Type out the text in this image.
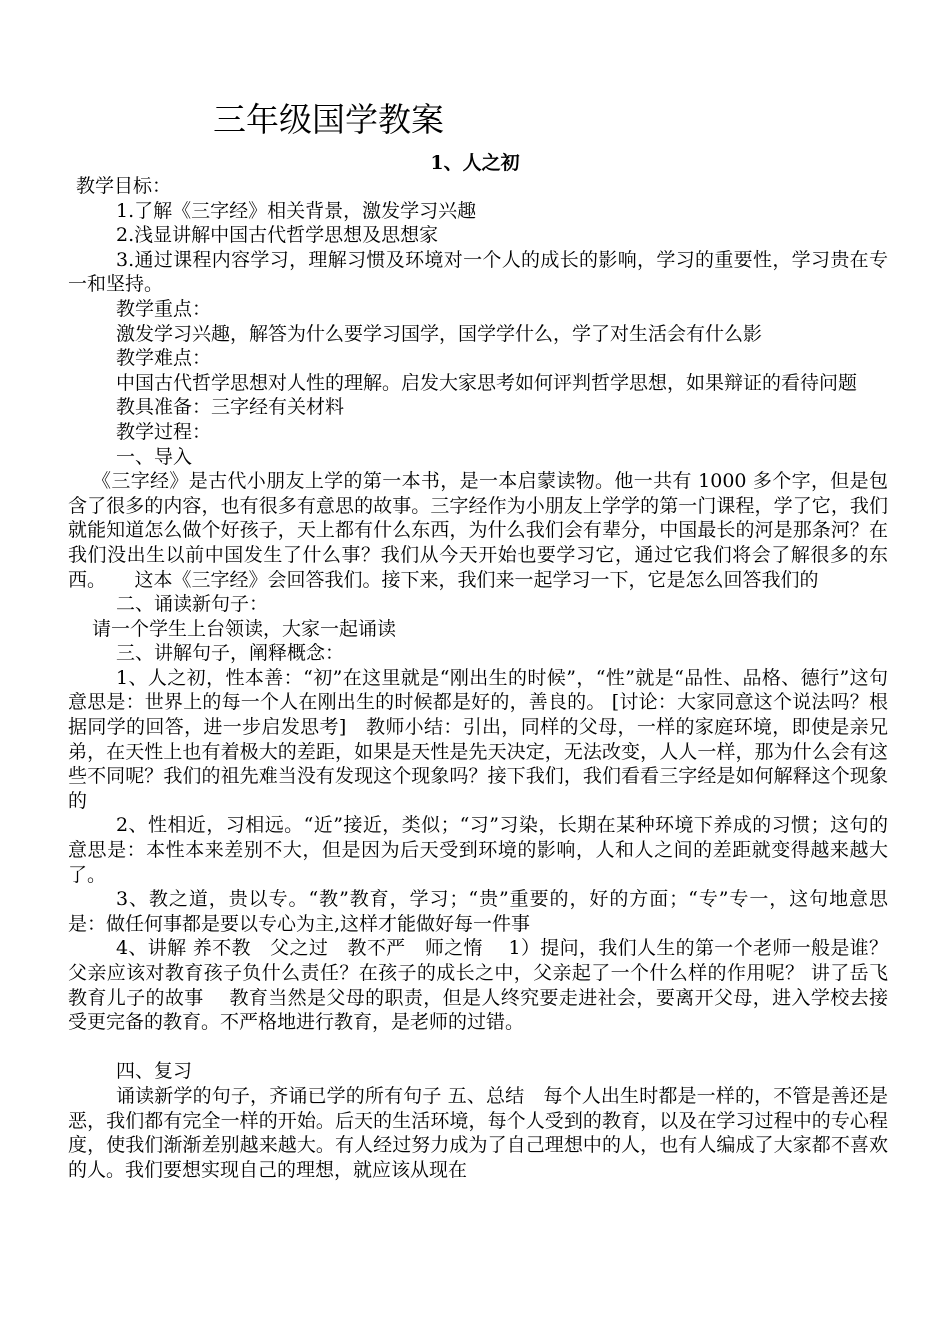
三年级国学教案
1、人之初

教学目标：

1.了解《三字经》相关背景，激发学习兴趣

2.浅显讲解中国古代哲学思想及思想家

3.通过课程内容学习，理解习惯及环境对一个人的成长的影响，学习的重要性，学习贵在专一和坚持。

教学重点：

激发学习兴趣，解答为什么要学习国学，国学学什么，学了对生活会有什么影

教学难点：

中国古代哲学思想对人性的理解。启发大家思考如何评判哲学思想，如果辩证的看待问题

教具准备：三字经有关材料

教学过程：

一、导入

《三字经》是古代小朋友上学的第一本书，是一本启蒙读物。他一共有 1000 多个字，但是包含了很多的内容，也有很多有意思的故事。三字经作为小朋友上学学的第一门课程，学了它，我们就能知道怎么做个好孩子，天上都有什么东西，为什么我们会有辈分，中国最长的河是那条河？在我们没出生以前中国发生了什么事？我们从今天开始也要学习它，通过它我们将会了解很多的东西。　　这本《三字经》会回答我们。接下来，我们来一起学习一下，它是怎么回答我们的

二、诵读新句子：

请一个学生上台领读，大家一起诵读

三、讲解句子，阐释概念：

1、人之初，性本善：“初”在这里就是“刚出生的时候”，“性”就是“品性、品格、德行”这句意思是：世界上的每一个人在刚出生的时候都是好的，善良的。 [讨论：大家同意这个说法吗？根据同学的回答，进一步启发思考]　教师小结：引出，同样的父母，一样的家庭环境，即使是亲兄弟，在天性上也有着极大的差距，如果是天性是先天决定，无法改变，人人一样，那为什么会有这些不同呢？我们的祖先难当没有发现这个现象吗？接下我们，我们看看三字经是如何解释这个现象的

2、性相近，习相远。“近”接近，类似；“习”习染，长期在某种环境下养成的习惯；这句的意思是：本性本来差别不大，但是因为后天受到环境的影响，人和人之间的差距就变得越来越大了。

3、教之道，贵以专。“教”教育，学习；“贵”重要的，好的方面；“专”专一，这句地意思是：做任何事都是要以专心为主,这样才能做好每一件事

4、讲解 养不教　父之过　教不严　师之惰　 1）提问，我们人生的第一个老师一般是谁？父亲应该对教育孩子负什么责任？在孩子的成长之中，父亲起了一个什么样的作用呢？ 讲了岳飞教育儿子的故事　 教育当然是父母的职责，但是人终究要走进社会，要离开父母，进入学校去接受更完备的教育。不严格地进行教育，是老师的过错。

四、复习

诵读新学的句子，齐诵已学的所有句子 五、总结　每个人出生时都是一样的，不管是善还是恶，我们都有完全一样的开始。后天的生活环境，每个人受到的教育，以及在学习过程中的专心程度，使我们渐渐差别越来越大。有人经过努力成为了自己理想中的人，也有人编成了大家都不喜欢的人。我们要想实现自己的理想，就应该从现在
